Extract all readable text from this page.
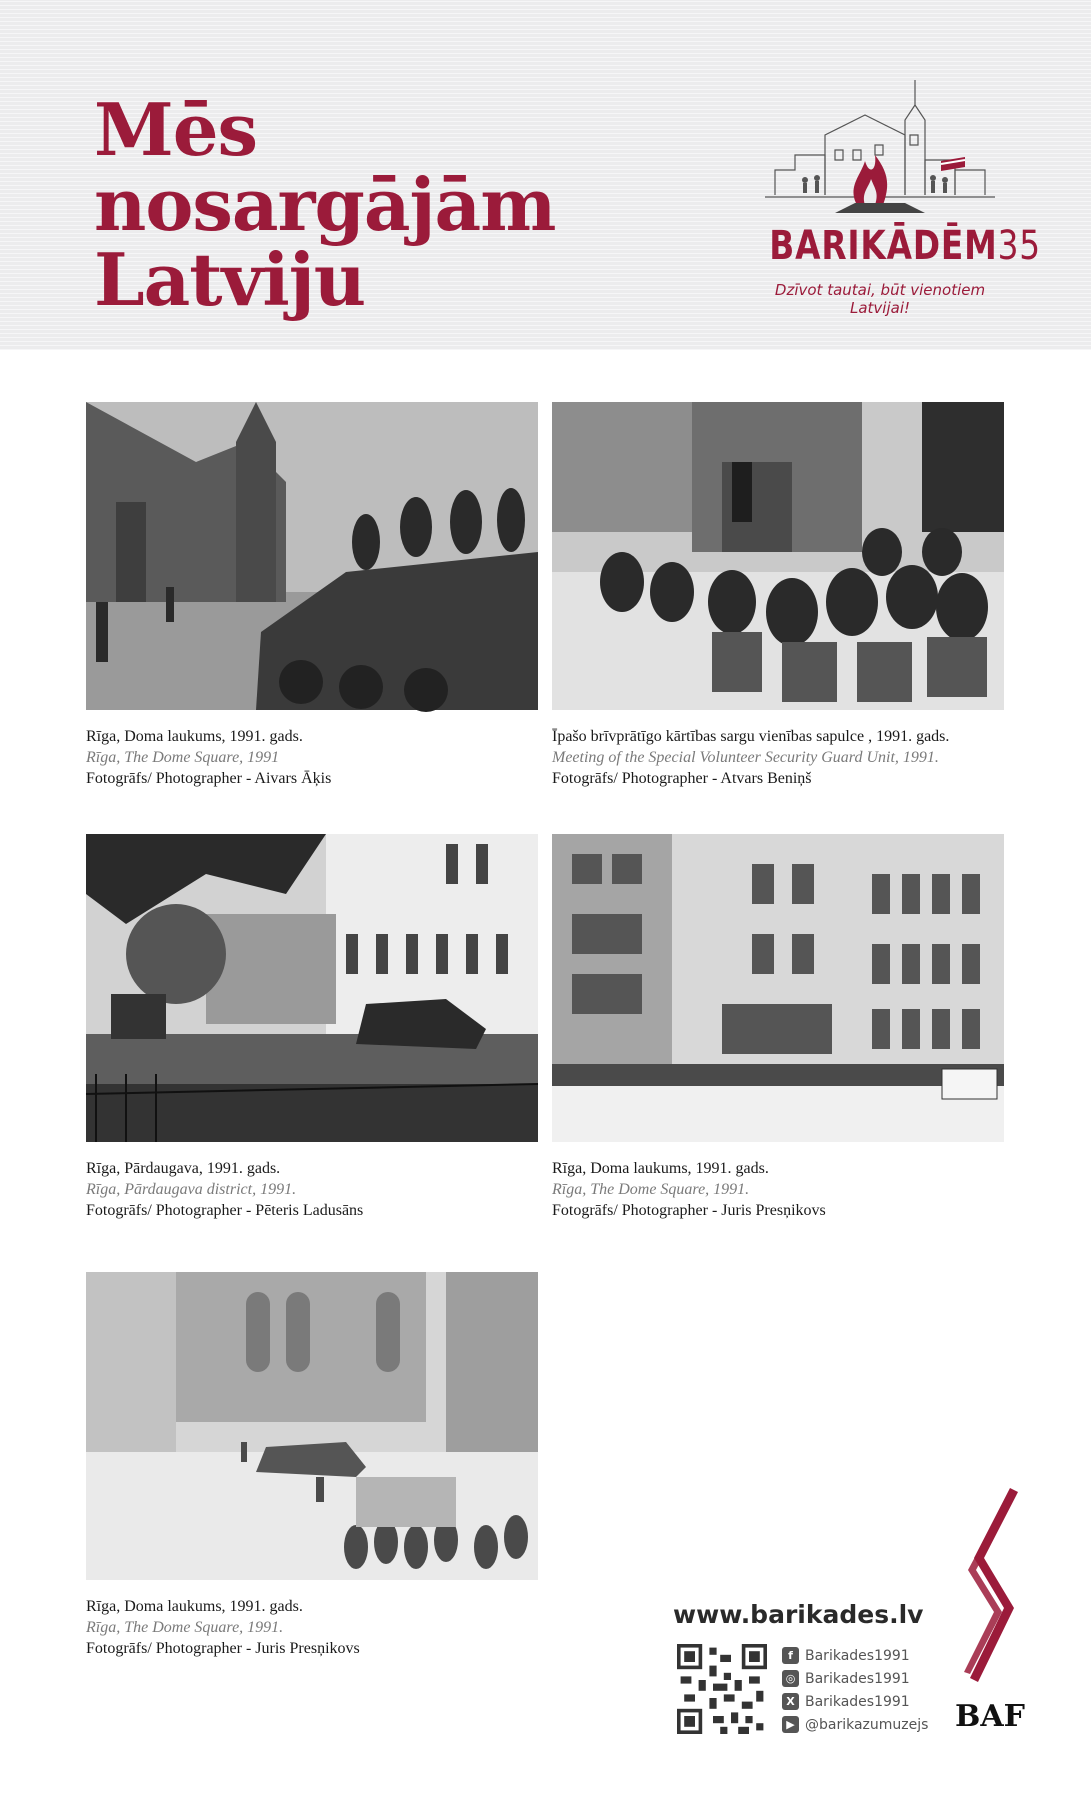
Mēs
nosargājām
Latviju	BARIKĀDĒM35
Dzīvot tautai, būt vienotiem Latvijai!
Rīga, Doma laukums, 1991. gads.
Rīga, The Dome Square, 1991
Fotogrāfs/ Photographer - Aivars Āķis
Īpašo brīvprātīgo kārtības sargu vienības sapulce , 1991. gads.
Meeting of the Special Volunteer Security Guard Unit, 1991.
Fotogrāfs/ Photographer - Atvars Beniņš
Rīga, Pārdaugava, 1991. gads.
Rīga, Pārdaugava district, 1991.
Fotogrāfs/ Photographer - Pēteris Ladusāns
Rīga, Doma laukums, 1991. gads.
Rīga, The Dome Square, 1991.
Fotogrāfs/ Photographer - Juris Presņikovs
Rīga, Doma laukums, 1991. gads.
Rīga, The Dome Square, 1991.
Fotogrāfs/ Photographer - Juris Presņikovs
www.barikades.lv
f Barikades1991
◎ Barikades1991
X Barikades1991
▶ @barikazumuzejs BAF
